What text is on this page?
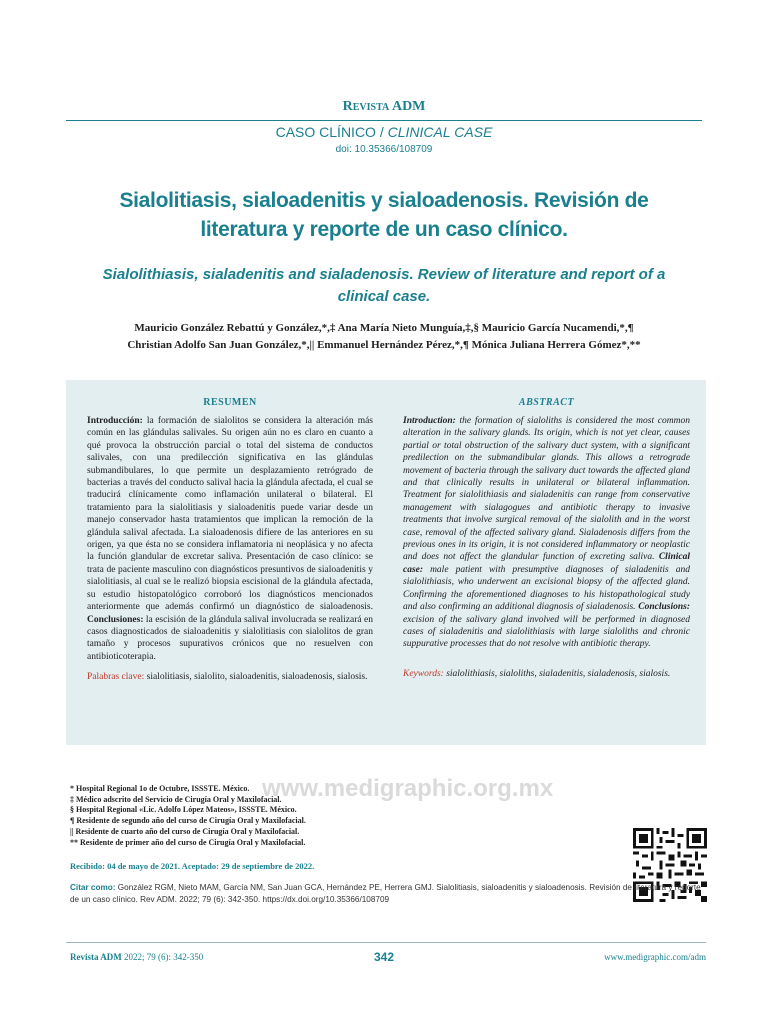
Revista ADM
CASO CLÍNICO / CLINICAL CASE
doi: 10.35366/108709
Sialolitiasis, sialoadenitis y sialoadenosis. Revisión de literatura y reporte de un caso clínico.
Sialolithiasis, sialadenitis and sialadenosis. Review of literature and report of a clinical case.
Mauricio González Rebattú y González,*,‡ Ana María Nieto Munguía,‡,§ Mauricio García Nucamendi,*,¶
Christian Adolfo San Juan González,*,|| Emmanuel Hernández Pérez,*,¶ Mónica Juliana Herrera Gómez*,**
RESUMEN
Introducción: la formación de sialolitos se considera la alteración más común en las glándulas salivales. Su origen aún no es claro en cuanto a qué provoca la obstrucción parcial o total del sistema de conductos salivales, con una predilección significativa en las glándulas submandibulares, lo que permite un desplazamiento retrógrado de bacterias a través del conducto salival hacia la glándula afectada, el cual se traducirá clínicamente como inflamación unilateral o bilateral. El tratamiento para la sialolitiasis y sialoadenitis puede variar desde un manejo conservador hasta tratamientos que implican la remoción de la glándula salival afectada. La sialoadenosis difiere de las anteriores en su origen, ya que ésta no se considera inflamatoria ni neoplásica y no afecta la función glandular de excretar saliva. Presentación de caso clínico: se trata de paciente masculino con diagnósticos presuntivos de sialoadenitis y sialolitiasis, al cual se le realizó biopsia escisional de la glándula afectada, su estudio histopatológico corroboró los diagnósticos mencionados anteriormente que además confirmó un diagnóstico de sialoadenosis. Conclusiones: la escisión de la glándula salival involucrada se realizará en casos diagnosticados de sialoadenitis y sialolitiasis con sialolitos de gran tamaño y procesos supurativos crónicos que no resuelven con antibioticoterapia.
Palabras clave: sialolitiasis, sialolito, sialoadenitis, sialoadenosis, sialosis.
ABSTRACT
Introduction: the formation of sialoliths is considered the most common alteration in the salivary glands. Its origin, which is not yet clear, causes partial or total obstruction of the salivary duct system, with a significant predilection on the submandibular glands. This allows a retrograde movement of bacteria through the salivary duct towards the affected gland and that clinically results in unilateral or bilateral inflammation. Treatment for sialolithiasis and sialadenitis can range from conservative management with sialagogues and antibiotic therapy to invasive treatments that involve surgical removal of the sialolith and in the worst case, removal of the affected salivary gland. Sialadenosis differs from the previous ones in its origin, it is not considered inflammatory or neoplastic and does not affect the glandular function of excreting saliva. Clinical case: male patient with presumptive diagnoses of sialadenitis and sialolithiasis, who underwent an excisional biopsy of the affected gland. Confirming the aforementioned diagnoses to his histopathological study and also confirming an additional diagnosis of sialadenosis. Conclusions: excision of the salivary gland involved will be performed in diagnosed cases of sialadenitis and sialolithiasis with large sialoliths and chronic suppurative processes that do not resolve with antibiotic therapy.
Keywords: sialolithiasis, sialoliths, sialadenitis, sialadenosis, sialosis.
www.medigraphic.org.mx
* Hospital Regional 1o de Octubre, ISSSTE. México.
‡ Médico adscrito del Servicio de Cirugía Oral y Maxilofacial.
§ Hospital Regional «Lic. Adolfo López Mateos», ISSSTE. México.
¶ Residente de segundo año del curso de Cirugía Oral y Maxilofacial.
|| Residente de cuarto año del curso de Cirugía Oral y Maxilofacial.
** Residente de primer año del curso de Cirugía Oral y Maxilofacial.
Recibido: 04 de mayo de 2021. Aceptado: 29 de septiembre de 2022.
Citar como: González RGM, Nieto MAM, García NM, San Juan GCA, Hernández PE, Herrera GMJ. Sialolitiasis, sialoadenitis y sialoadenosis. Revisión de literatura y reporte de un caso clínico. Rev ADM. 2022; 79 (6): 342-350. https://dx.doi.org/10.35366/108709
Revista ADM 2022; 79 (6): 342-350	342	www.medigraphic.com/adm
